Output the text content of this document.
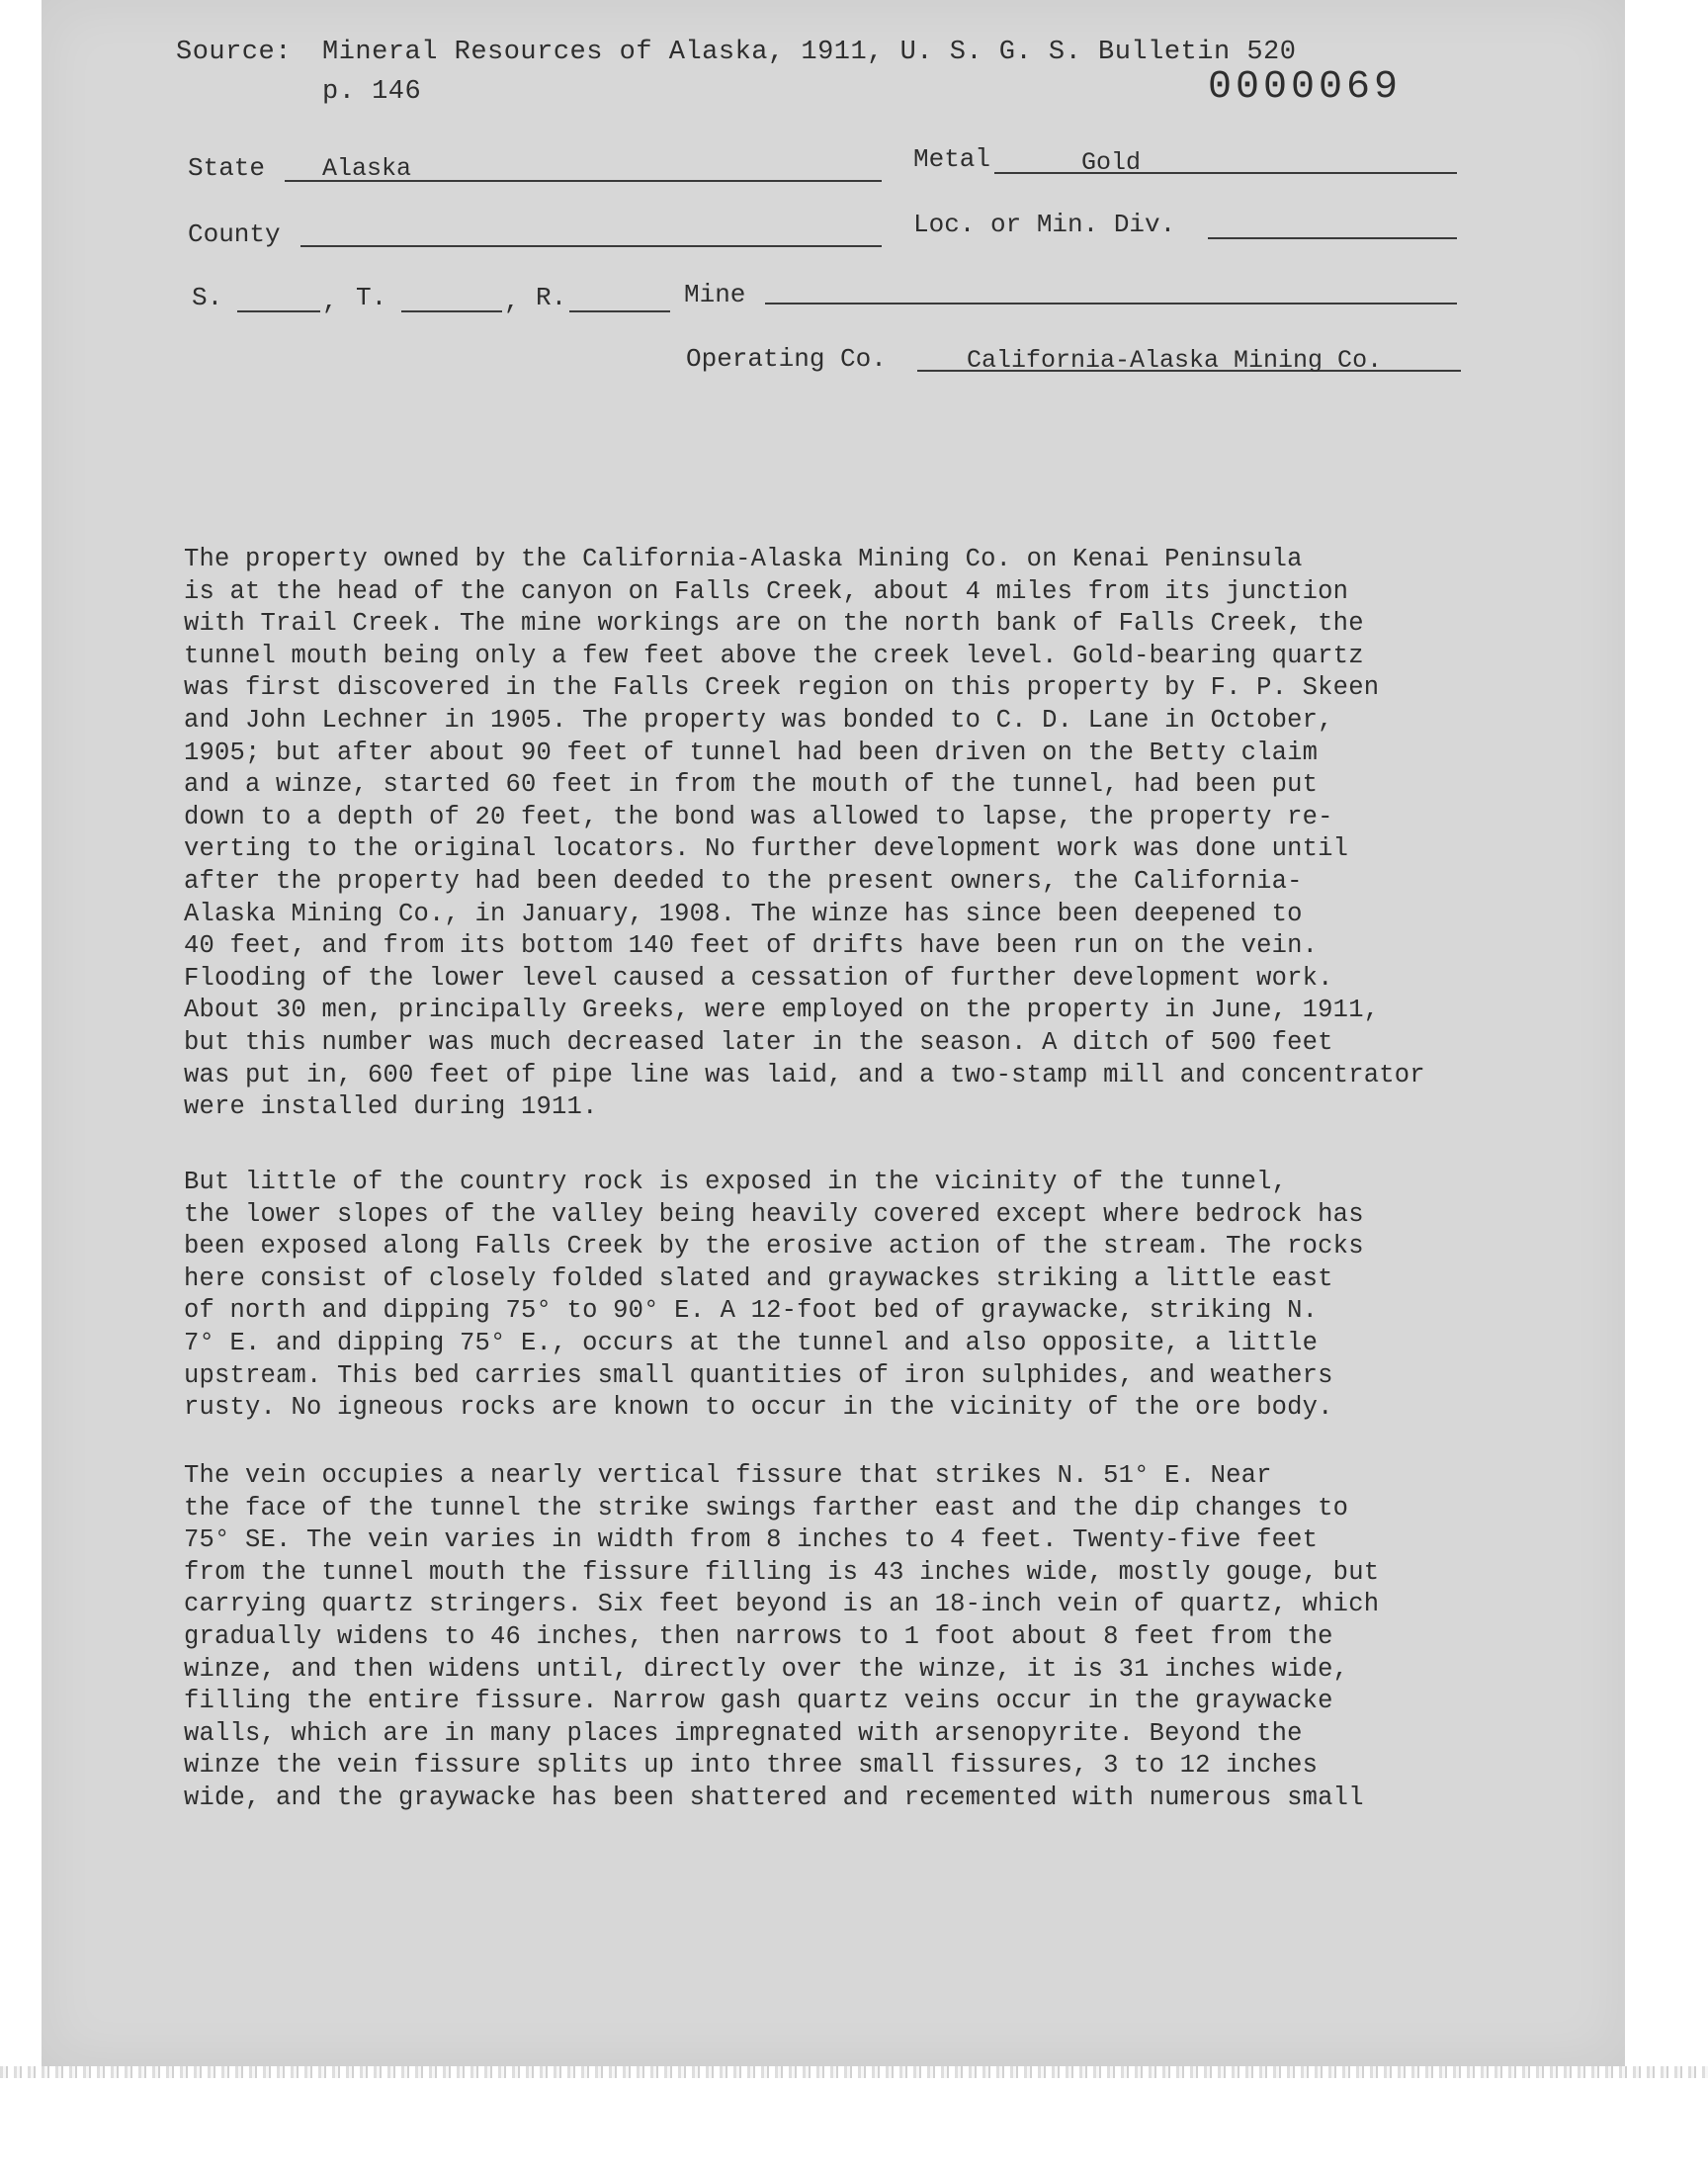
Source: Mineral Resources of Alaska, 1911, U. S. G. S. Bulletin 520
p. 146	0000069
State Alaska	Metal	Gold
County	Loc. or Min. Div.
S.	, T.	, R.	Mine
Operating Co.	California-Alaska Mining Co.
The property owned by the California-Alaska Mining Co. on Kenai Peninsula
is at the head of the canyon on Falls Creek, about 4 miles from its junction
with Trail Creek. The mine workings are on the north bank of Falls Creek, the
tunnel mouth being only a few feet above the creek level. Gold-bearing quartz
was first discovered in the Falls Creek region on this property by F. P. Skeen
and John Lechner in 1905. The property was bonded to C. D. Lane in October,
1905; but after about 90 feet of tunnel had been driven on the Betty claim
and a winze, started 60 feet in from the mouth of the tunnel, had been put
down to a depth of 20 feet, the bond was allowed to lapse, the property re-
verting to the original locators. No further development work was done until
after the property had been deeded to the present owners, the California-
Alaska Mining Co., in January, 1908. The winze has since been deepened to
40 feet, and from its bottom 140 feet of drifts have been run on the vein.
Flooding of the lower level caused a cessation of further development work.
About 30 men, principally Greeks, were employed on the property in June, 1911,
but this number was much decreased later in the season. A ditch of 500 feet
was put in, 600 feet of pipe line was laid, and a two-stamp mill and concentrator
were installed during 1911.
But little of the country rock is exposed in the vicinity of the tunnel,
the lower slopes of the valley being heavily covered except where bedrock has
been exposed along Falls Creek by the erosive action of the stream. The rocks
here consist of closely folded slated and graywackes striking a little east
of north and dipping 75° to 90° E. A 12-foot bed of graywacke, striking N.
7° E. and dipping 75° E., occurs at the tunnel and also opposite, a little
upstream. This bed carries small quantities of iron sulphides, and weathers
rusty. No igneous rocks are known to occur in the vicinity of the ore body.
The vein occupies a nearly vertical fissure that strikes N. 51° E. Near
the face of the tunnel the strike swings farther east and the dip changes to
75° SE. The vein varies in width from 8 inches to 4 feet. Twenty-five feet
from the tunnel mouth the fissure filling is 43 inches wide, mostly gouge, but
carrying quartz stringers. Six feet beyond is an 18-inch vein of quartz, which
gradually widens to 46 inches, then narrows to 1 foot about 8 feet from the
winze, and then widens until, directly over the winze, it is 31 inches wide,
filling the entire fissure. Narrow gash quartz veins occur in the graywacke
walls, which are in many places impregnated with arsenopyrite. Beyond the
winze the vein fissure splits up into three small fissures, 3 to 12 inches
wide, and the graywacke has been shattered and recemented with numerous small
